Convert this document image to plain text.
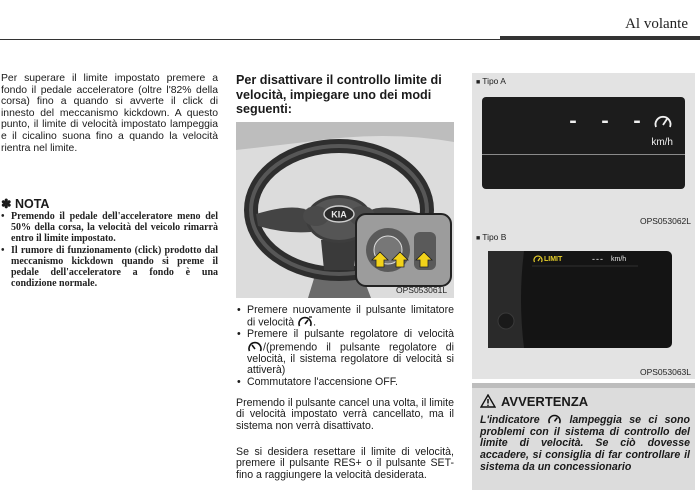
Al volante
Per superare il limite impostato premere a fondo il pedale acceleratore (oltre l'82% della corsa) fino a quando si avverte il click di innesto del meccanismo kickdown. A questo punto, il limite di velocità impostato lampeggia e il cicalino suona fino a quando la velocità rientra nel limite.
✽ NOTA
• Premendo il pedale dell'acceleratore meno del 50% della corsa, la velocità del veicolo rimarrà entro il limite impostato.
• Il rumore di funzionamento (click) prodotto dal meccanismo kickdown quando si preme il pedale dell'acceleratore a fondo è una condizione normale.
Per disattivare il controllo limite di velocità, impiegare uno dei modi seguenti:
KIA
OPS053061L
• Premere nuovamente il pulsante limitatore di velocità .
• Premere il pulsante regolatore di velocità /(premendo il pulsante regolatore di velocità, il sistema regolatore di velocità si attiverà)
• Commutatore l'accensione OFF.
Premendo il pulsante cancel una volta, il limite di velocità impostato verrà cancellato, ma il sistema non verrà disattivato.
Se si desidera resettare il limite di velocità, premere il pulsante RES+ o il pulsante SET- fino a raggiungere la velocità desiderata.
■ Tipo A
- - -
km/h
OPS053062L
■ Tipo B
LIMIT	--- km/h
OPS053063L
AVVERTENZA
L'indicatore	lampeggia se ci sono problemi con il sistema di controllo del limite di velocità. Se ciò dovesse accadere, si consiglia di far controllare il sistema da un concessionario
